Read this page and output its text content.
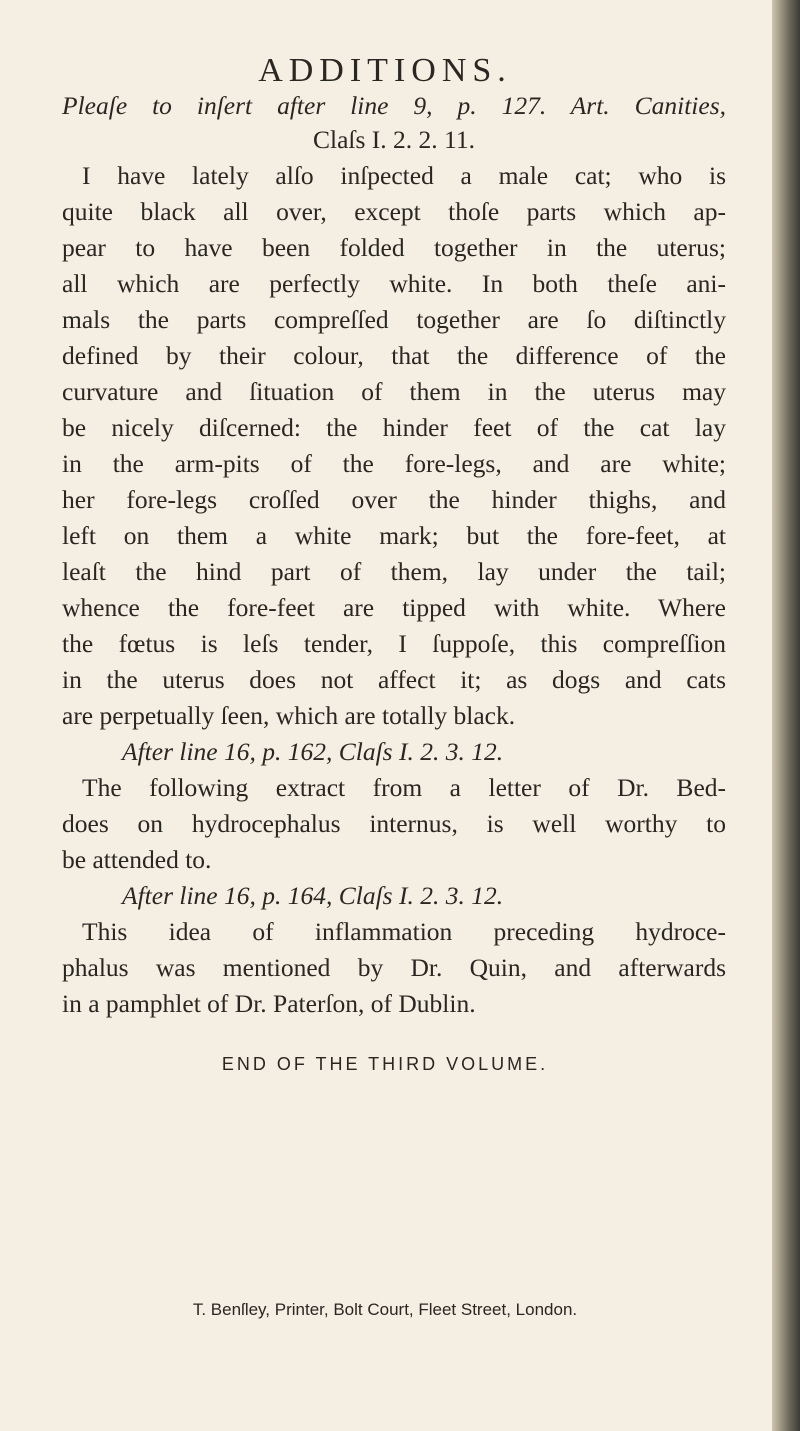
ADDITIONS.
Pleaſe to inſert after line 9, p. 127. Art. Canities,
Claſs I. 2. 2. 11.
I have lately alſo inſpected a male cat; who is
quite black all over, except thoſe parts which ap-
pear to have been folded together in the uterus;
all which are perfectly white. In both theſe ani-
mals the parts compreſſed together are ſo diſtinctly
defined by their colour, that the difference of the
curvature and ſituation of them in the uterus may
be nicely diſcerned: the hinder feet of the cat lay
in the arm-pits of the fore-legs, and are white;
her fore-legs croſſed over the hinder thighs, and
left on them a white mark; but the fore-feet, at
leaſt the hind part of them, lay under the tail;
whence the fore-feet are tipped with white. Where
the fœtus is leſs tender, I ſuppoſe, this compreſſion
in the uterus does not affect it; as dogs and cats
are perpetually ſeen, which are totally black.
After line 16, p. 162, Claſs I. 2. 3. 12.
The following extract from a letter of Dr. Bed-
does on hydrocephalus internus, is well worthy to
be attended to.
After line 16, p. 164, Claſs I. 2. 3. 12.
This idea of inflammation preceding hydroce-
phalus was mentioned by Dr. Quin, and afterwards
in a pamphlet of Dr. Paterſon, of Dublin.
END OF THE THIRD VOLUME.
T. Benſley, Printer, Bolt Court, Fleet Street, London.
